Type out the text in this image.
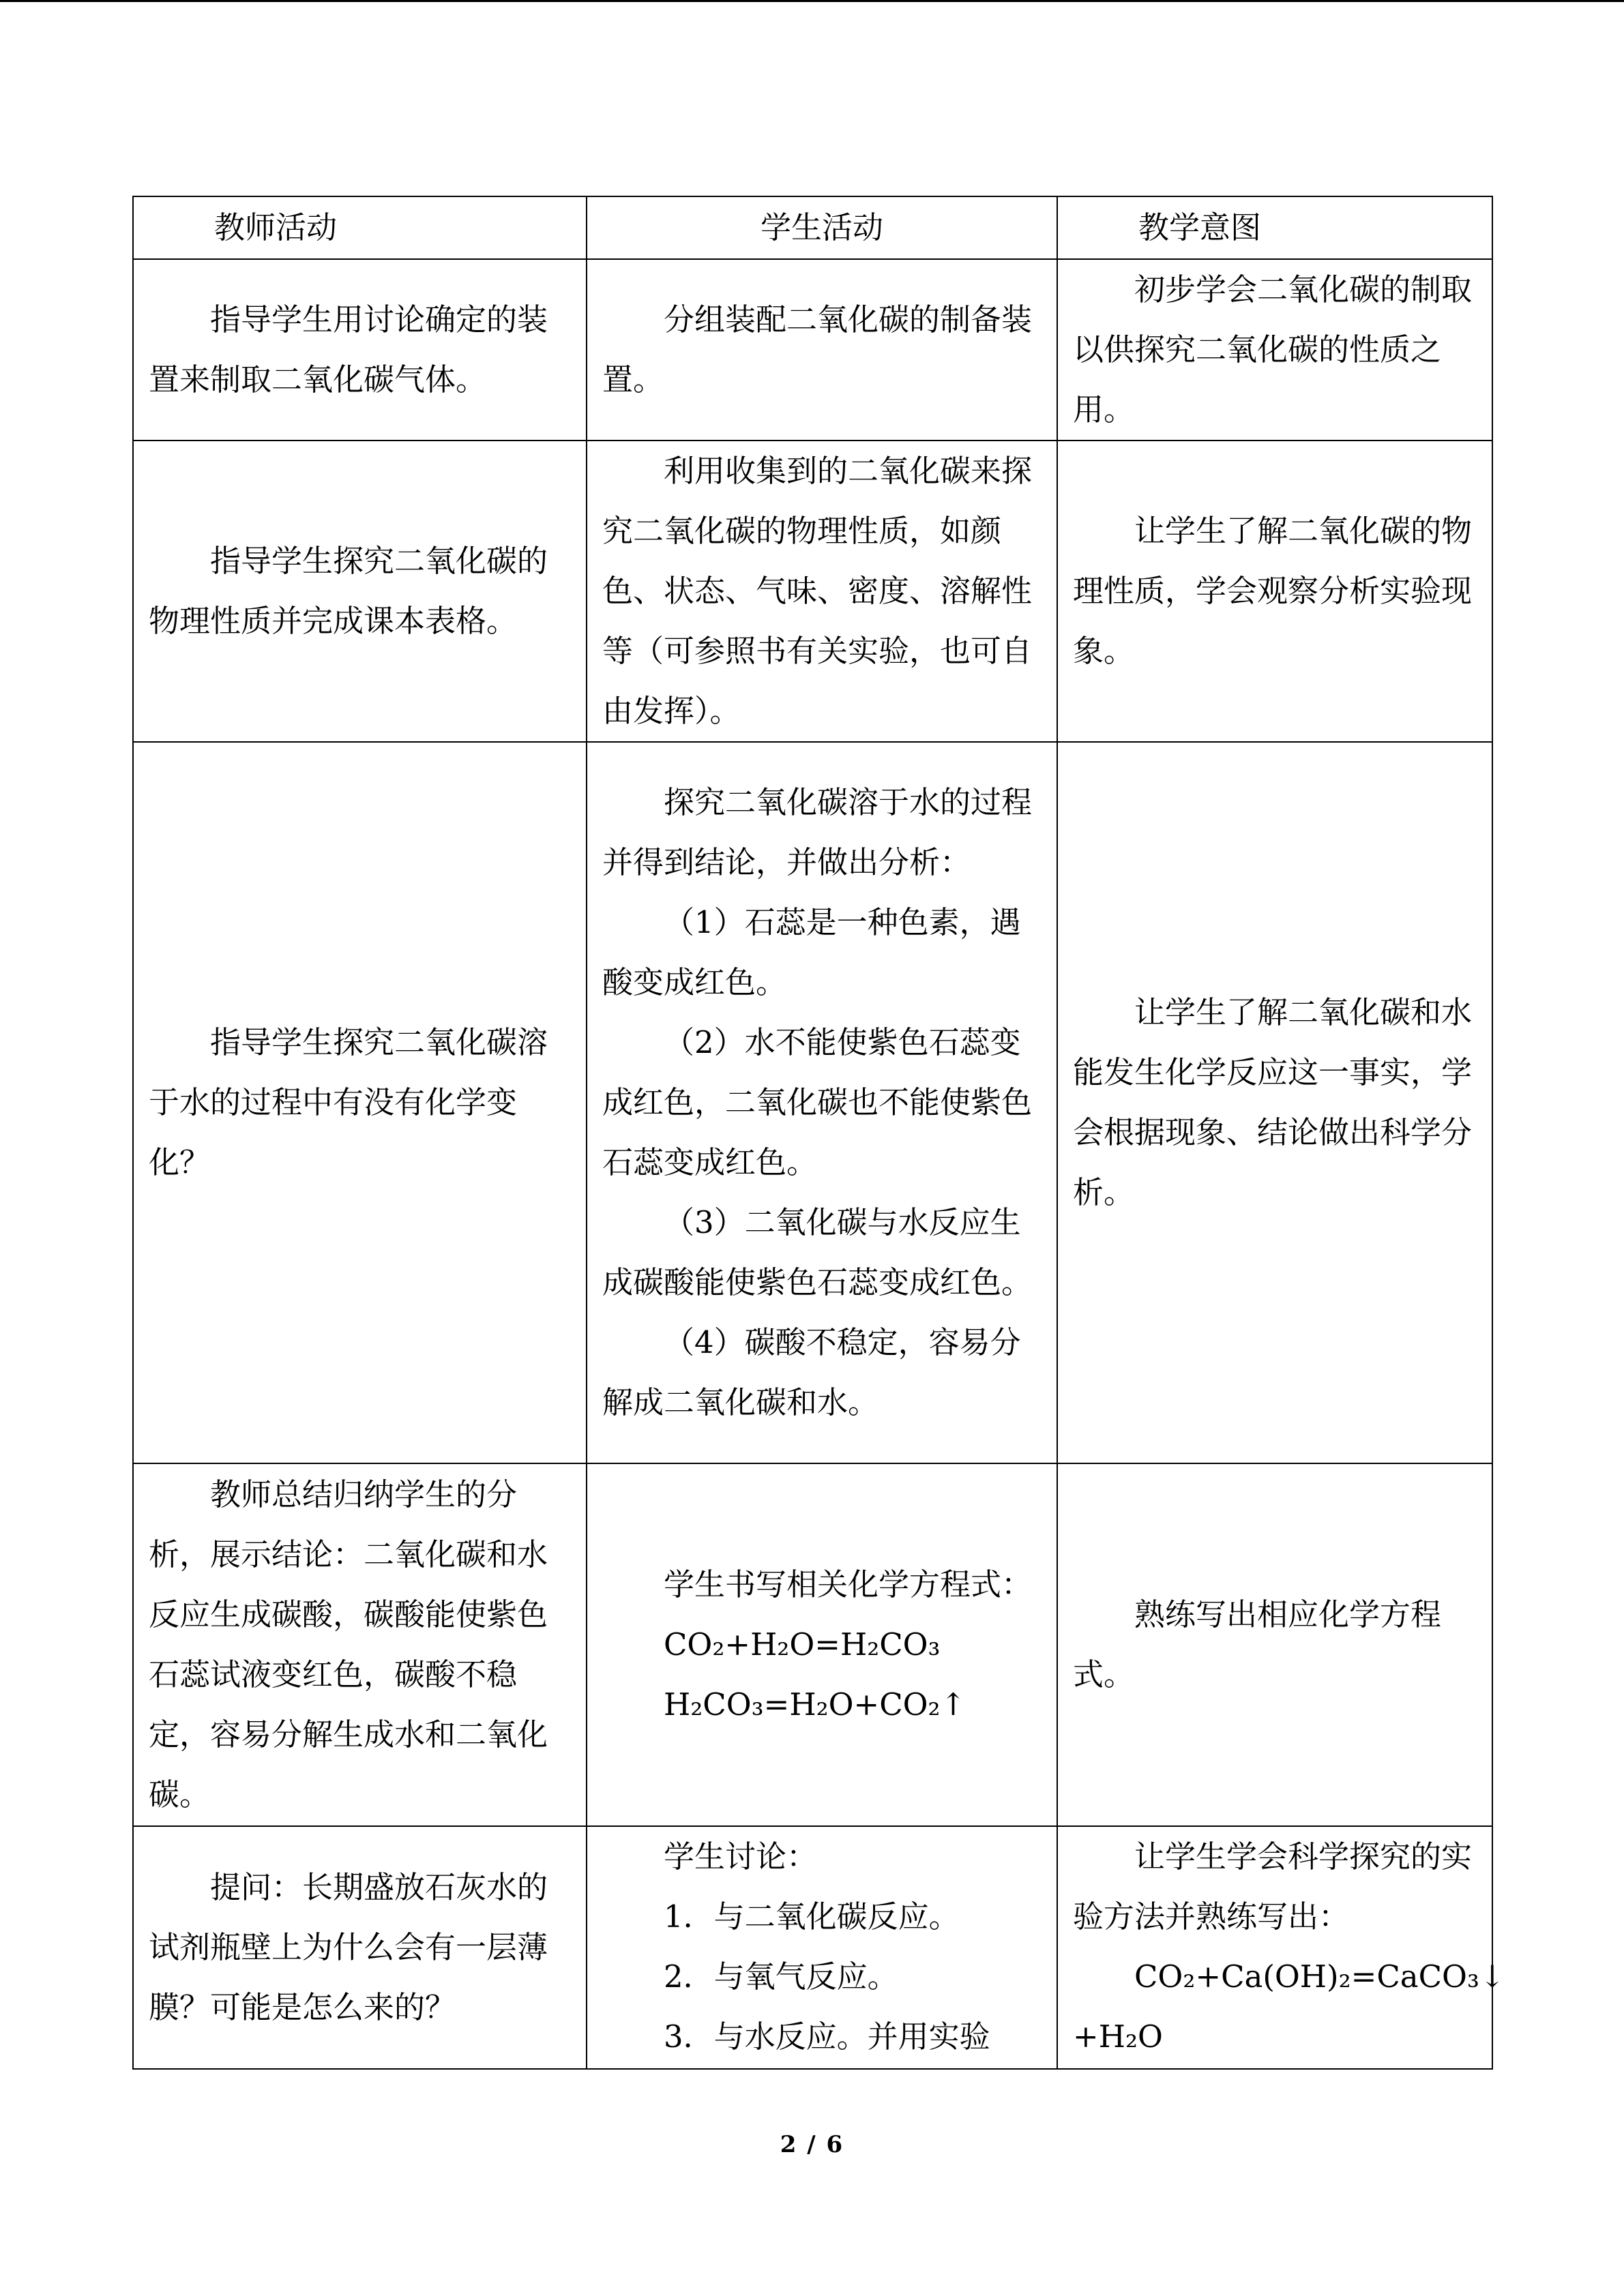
教师活动	学生活动	教学意图

指导学生用讨论确定的装置来制取二氧化碳气体。	分组装配二氧化碳的制备装置。	初步学会二氧化碳的制取以供探究二氧化碳的性质之用。

指导学生探究二氧化碳的物理性质并完成课本表格。	利用收集到的二氧化碳来探究二氧化碳的物理性质，如颜色、状态、气味、密度、溶解性等（可参照书有关实验，也可自由发挥）。	让学生了解二氧化碳的物理性质，学会观察分析实验现象。

指导学生探究二氧化碳溶于水的过程中有没有化学变化？	探究二氧化碳溶于水的过程并得到结论，并做出分析：
（1）石蕊是一种色素，遇酸变成红色。
（2）水不能使紫色石蕊变成红色，二氧化碳也不能使紫色石蕊变成红色。
（3）二氧化碳与水反应生成碳酸能使紫色石蕊变成红色。
（4）碳酸不稳定，容易分解成二氧化碳和水。	让学生了解二氧化碳和水能发生化学反应这一事实，学会根据现象、结论做出科学分析。

教师总结归纳学生的分析，展示结论：二氧化碳和水反应生成碳酸，碳酸能使紫色石蕊试液变红色，碳酸不稳定，容易分解生成水和二氧化碳。	学生书写相关化学方程式：
CO₂+H₂O=H₂CO₃
H₂CO₃=H₂O+CO₂↑	熟练写出相应化学方程式。

提问：长期盛放石灰水的试剂瓶壁上为什么会有一层薄膜？可能是怎么来的？	学生讨论：
1．与二氧化碳反应。
2．与氧气反应。
3．与水反应。并用实验	让学生学会科学探究的实验方法并熟练写出：
CO₂+Ca(OH)₂=CaCO₃↓
+H₂O
2 / 6
